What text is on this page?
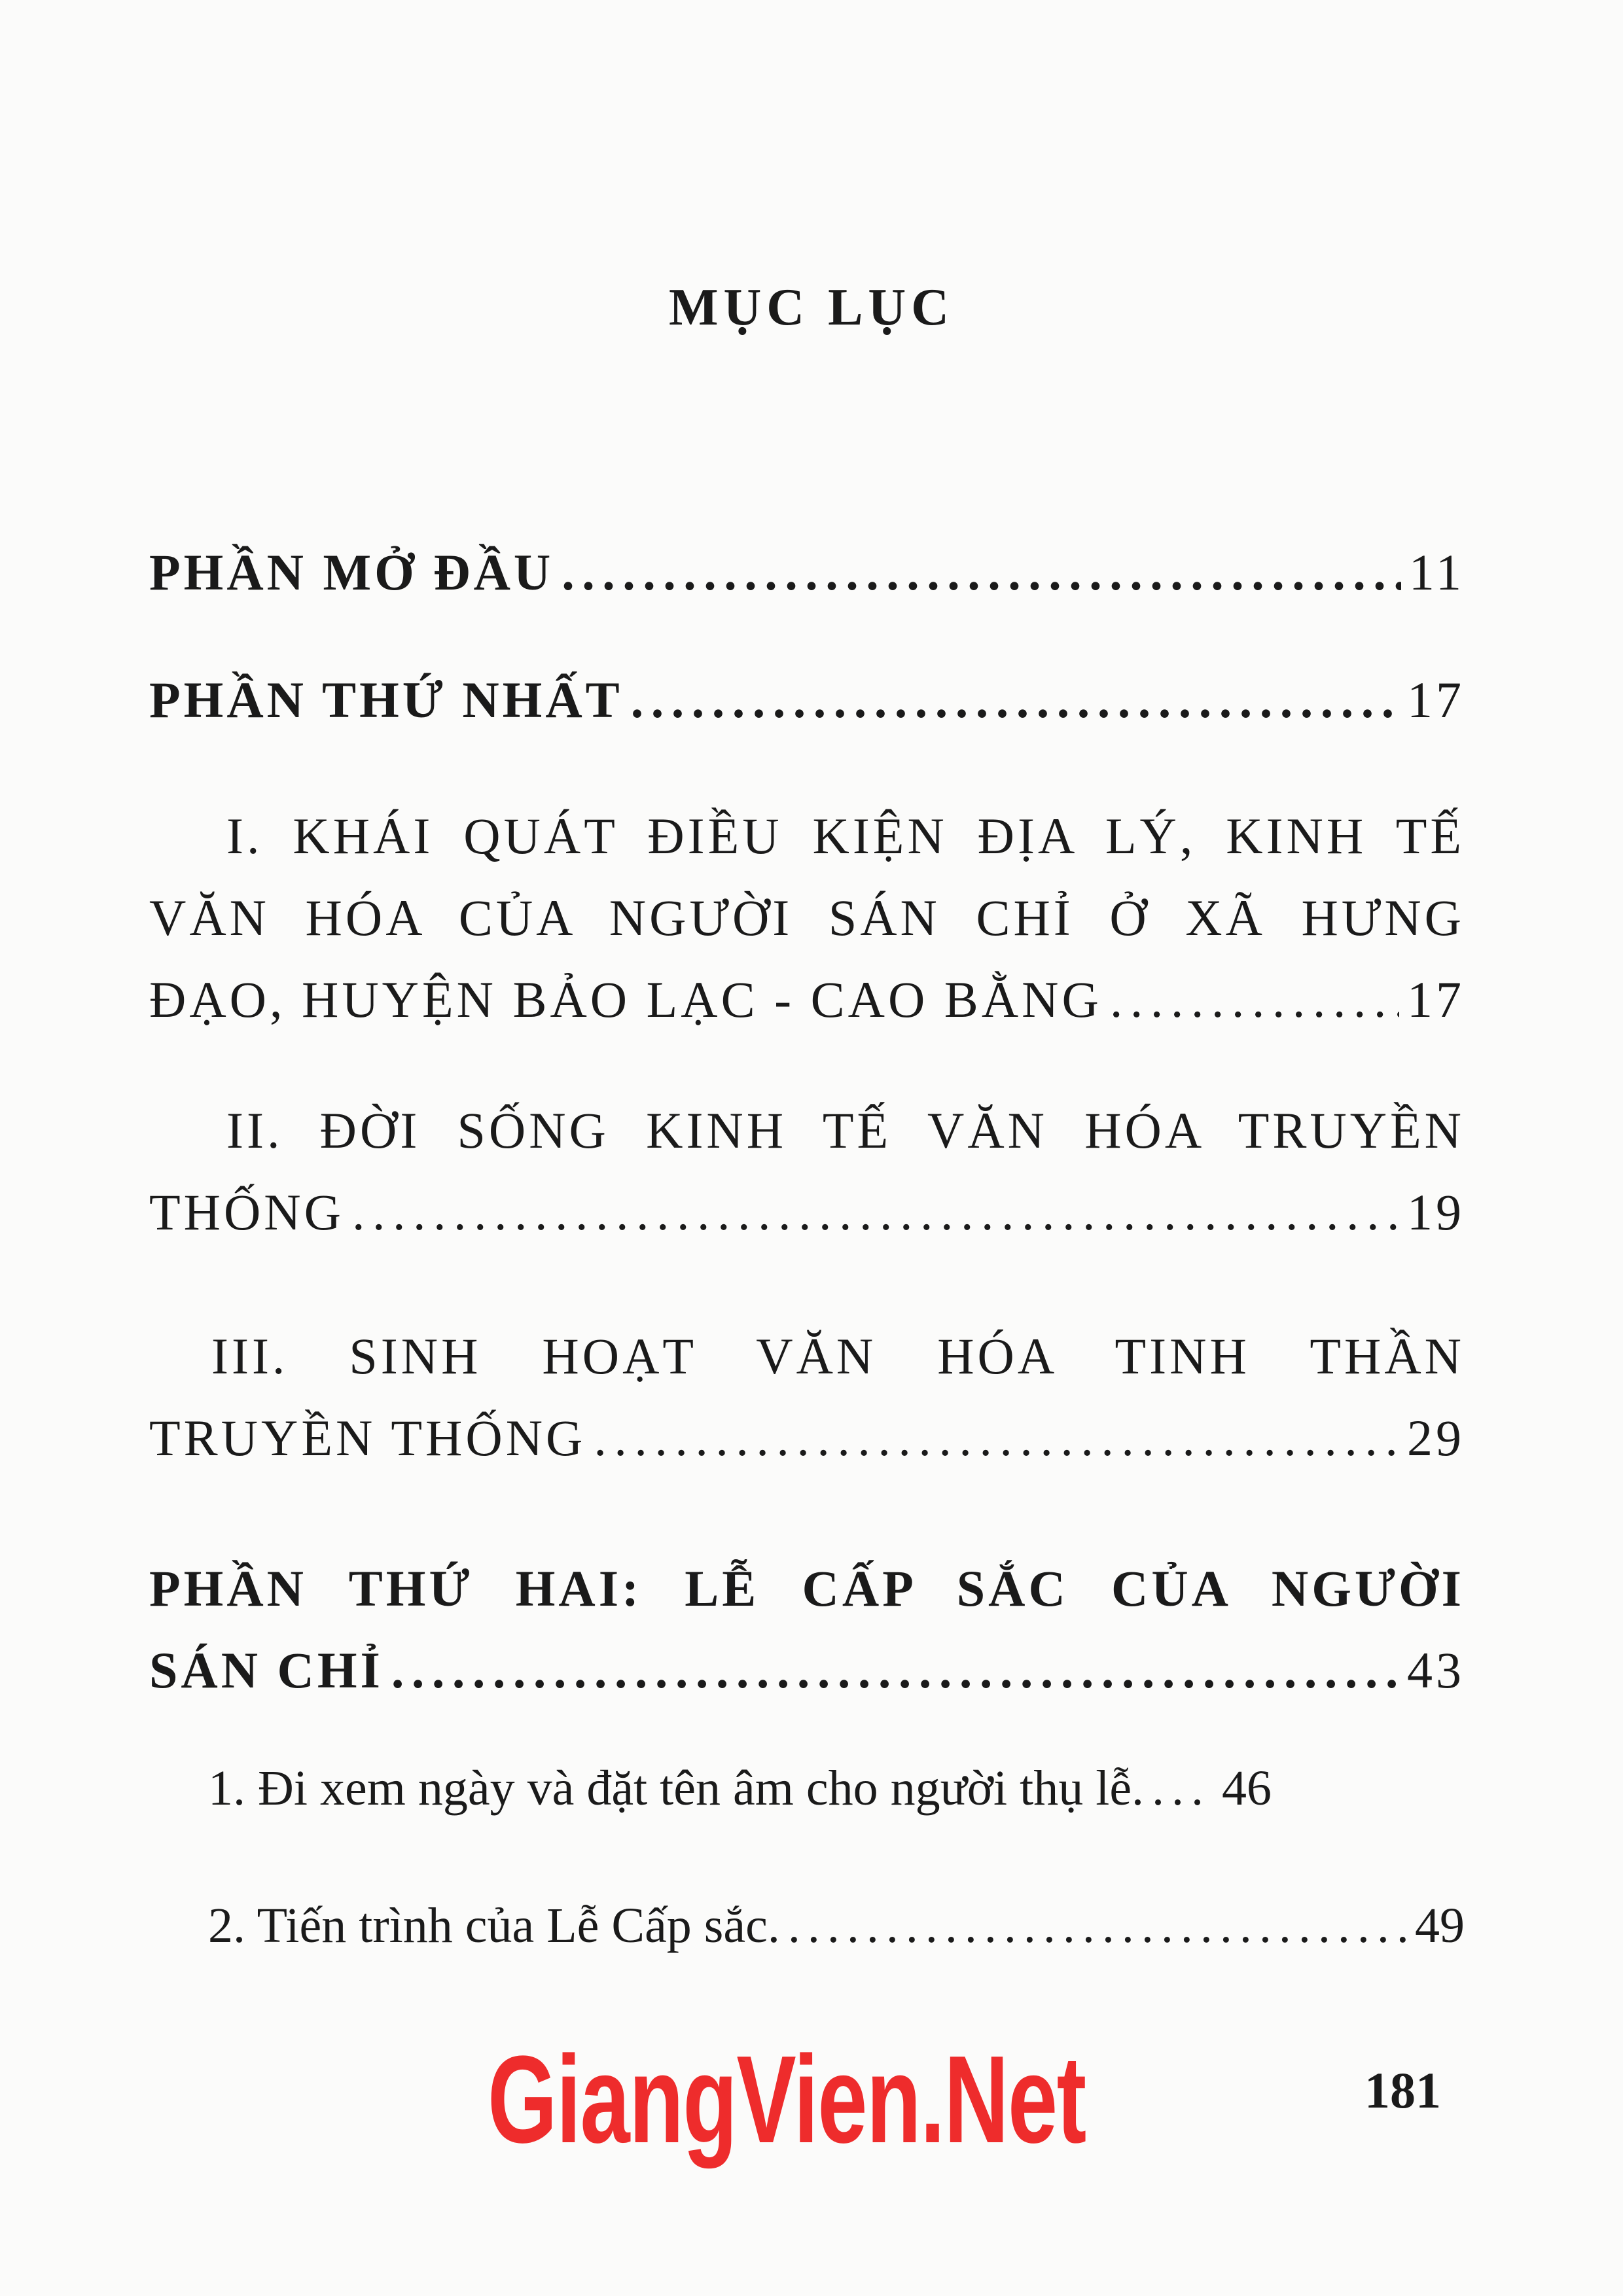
MỤC LỤC
PHẦN MỞ ĐẦU . . .	11
PHẦN THỨ NHẤT . . .	17
I. KHÁI QUÁT ĐIỀU KIỆN ĐỊA LÝ, KINH TẾ
VĂN HÓA CỦA NGƯỜI SÁN CHỈ Ở XÃ HƯNG
ĐẠO, HUYỆN BẢO LẠC - CAO BẰNG . . .	17
II. ĐỜI SỐNG KINH TẾ VĂN HÓA TRUYỀN
THỐNG . . .	19
III. SINH HOẠT VĂN HÓA TINH THẦN
TRUYỀN THỐNG . . .	29
PHẦN THỨ HAI: LỄ CẤP SẮC CỦA NGƯỜI
SÁN CHỈ . . .	43
1. Đi xem ngày và đặt tên âm cho người thụ lễ. . . . 46
2. Tiến trình của Lễ Cấp sắc. . . .	49
GiangVien.Net	181
